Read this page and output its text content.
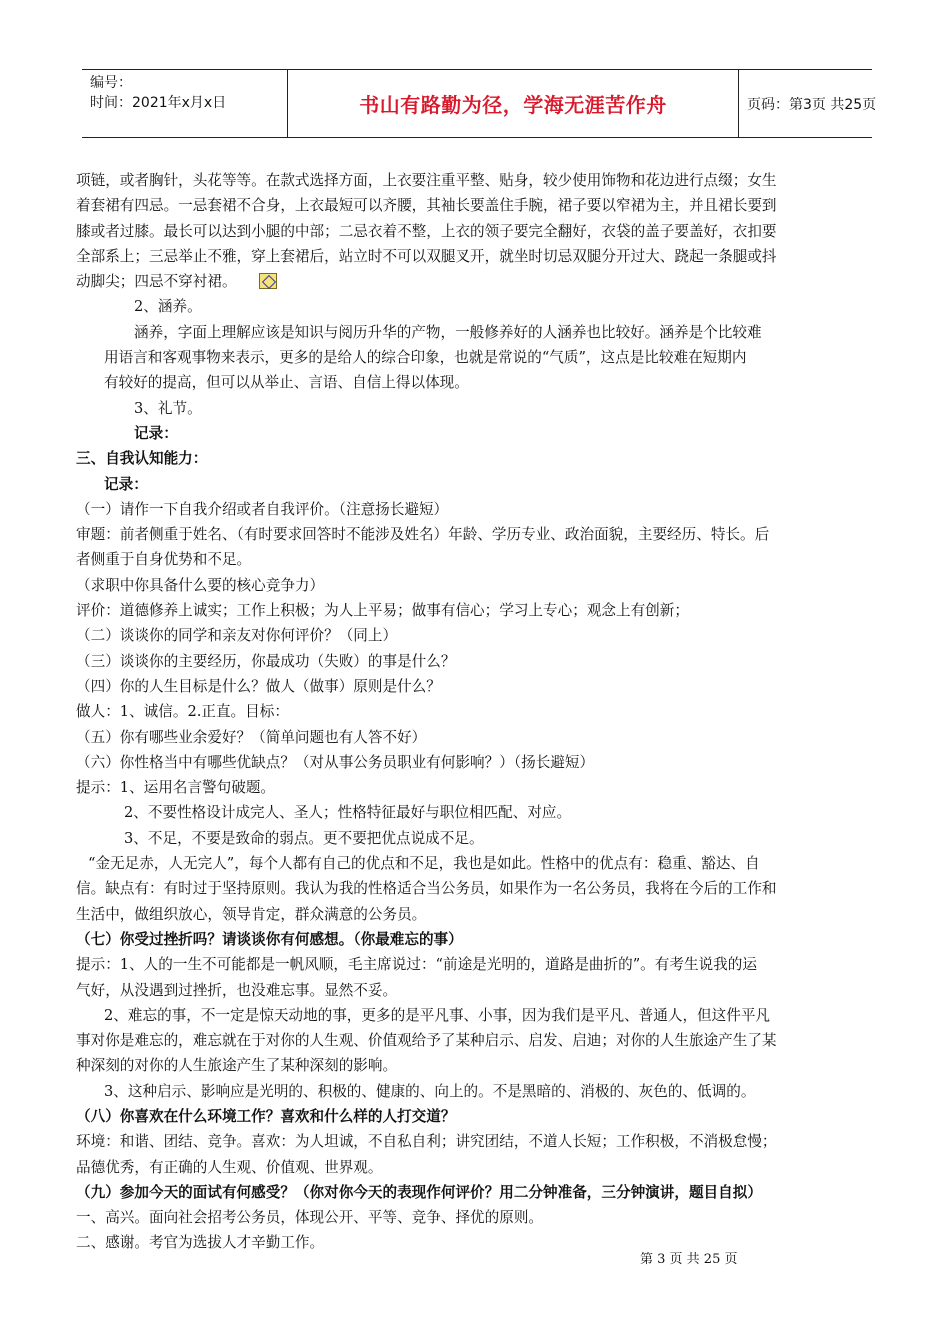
编号：
时间：2021年x月x日	书山有路勤为径，学海无涯苦作舟	页码：第3页 共25页
项链，或者胸针，头花等等。在款式选择方面，上衣要注重平整、贴身，较少使用饰物和花边进行点缀；女生
着套裙有四忌。一忌套裙不合身，上衣最短可以齐腰，其袖长要盖住手腕，裙子要以窄裙为主，并且裙长要到
膝或者过膝。最长可以达到小腿的中部；二忌衣着不整，上衣的领子要完全翻好，衣袋的盖子要盖好，衣扣要
全部系上；三忌举止不雅，穿上套裙后，站立时不可以双腿叉开，就坐时切忌双腿分开过大、跷起一条腿或抖
动脚尖；四忌不穿衬裙。
2、涵养。
涵养，字面上理解应该是知识与阅历升华的产物，一般修养好的人涵养也比较好。涵养是个比较难
用语言和客观事物来表示，更多的是给人的综合印象，也就是常说的“气质”，这点是比较难在短期内
有较好的提高，但可以从举止、言语、自信上得以体现。
3、礼节。
记录：
三、自我认知能力：
记录：
（一）请作一下自我介绍或者自我评价。（注意扬长避短）
审题：前者侧重于姓名、（有时要求回答时不能涉及姓名）年龄、学历专业、政治面貌，主要经历、特长。后
者侧重于自身优势和不足。
（求职中你具备什么要的核心竞争力）
评价：道德修养上诚实；工作上积极；为人上平易；做事有信心；学习上专心；观念上有创新；
（二）谈谈你的同学和亲友对你何评价？（同上）
（三）谈谈你的主要经历，你最成功（失败）的事是什么？
（四）你的人生目标是什么？做人（做事）原则是什么？
做人：1、诚信。2.正直。目标：
（五）你有哪些业余爱好？（简单问题也有人答不好）
（六）你性格当中有哪些优缺点？（对从事公务员职业有何影响？）（扬长避短）
提示：1、运用名言警句破题。
2、不要性格设计成完人、圣人；性格特征最好与职位相匹配、对应。
3、不足，不要是致命的弱点。更不要把优点说成不足。
“金无足赤，人无完人”，每个人都有自己的优点和不足，我也是如此。性格中的优点有：稳重、豁达、自
信。缺点有：有时过于坚持原则。我认为我的性格适合当公务员，如果作为一名公务员，我将在今后的工作和
生活中，做组织放心，领导肯定，群众满意的公务员。
（七）你受过挫折吗？请谈谈你有何感想。（你最难忘的事）
提示：1、人的一生不可能都是一帆风顺，毛主席说过：“前途是光明的，道路是曲折的”。有考生说我的运
气好，从没遇到过挫折，也没难忘事。显然不妥。
2、难忘的事，不一定是惊天动地的事，更多的是平凡事、小事，因为我们是平凡、普通人，但这件平凡
事对你是难忘的，难忘就在于对你的人生观、价值观给予了某种启示、启发、启迪；对你的人生旅途产生了某
种深刻的对你的人生旅途产生了某种深刻的影响。
3、这种启示、影响应是光明的、积极的、健康的、向上的。不是黑暗的、消极的、灰色的、低调的。
（八）你喜欢在什么环境工作？喜欢和什么样的人打交道？
环境：和谐、团结、竞争。喜欢：为人坦诚，不自私自利；讲究团结，不道人长短；工作积极，不消极怠慢；
品德优秀，有正确的人生观、价值观、世界观。
（九）参加今天的面试有何感受？（你对你今天的表现作何评价？用二分钟准备，三分钟演讲，题目自拟）
一、高兴。面向社会招考公务员，体现公开、平等、竞争、择优的原则。
二、感谢。考官为选拔人才辛勤工作。
第 3 页 共 25 页
